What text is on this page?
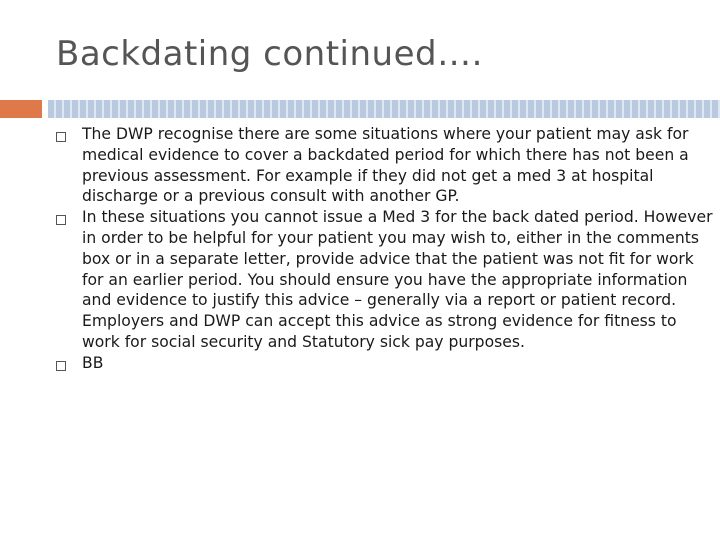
Backdating continued….
The DWP recognise there are some situations where your patient may ask for medical evidence to cover a backdated period for which there has not been a previous assessment. For example if they did not get a med 3 at hospital discharge or a previous consult with another GP.
In these situations you cannot issue a Med 3 for the back dated period. However in order to be helpful for your patient you may wish to, either in the comments box or in a separate letter, provide advice that the patient was not fit for work for an earlier period. You should ensure you have the appropriate information and evidence to justify this advice – generally via a report or patient record. Employers and DWP can accept this advice as strong evidence for fitness to work for social security and Statutory sick pay purposes.
BB
